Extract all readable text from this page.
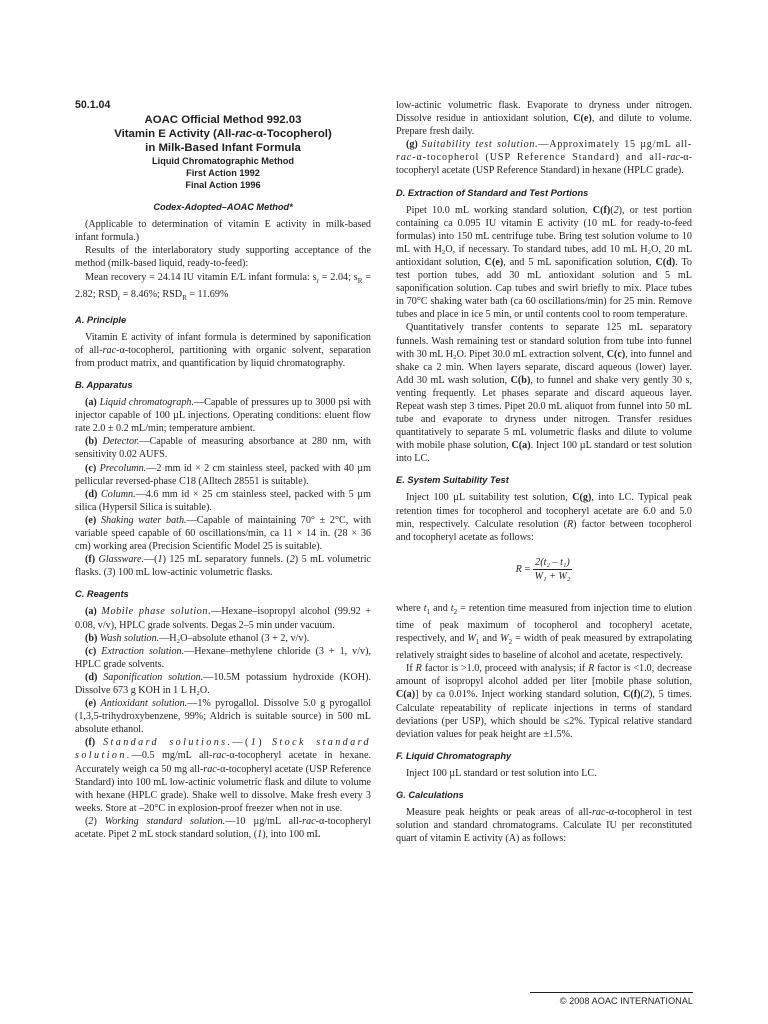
50.1.04
AOAC Official Method 992.03
Vitamin E Activity (All-rac-α-Tocopherol)
in Milk-Based Infant Formula
Liquid Chromatographic Method
First Action 1992
Final Action 1996
Codex-Adopted–AOAC Method*

(Applicable to determination of vitamin E activity in milk-based infant formula.)

Results of the interlaboratory study supporting acceptance of the method (milk-based liquid, ready-to-feed):

Mean recovery = 24.14 IU vitamin E/L infant formula: $s_r = 2.04$; $s_R = 2.82$; $RSD_r = 8.46\%$; $RSD_R = 11.69\%$

A. Principle

Vitamin E activity of infant formula is determined by saponification of all-rac-α-tocopherol, partitioning with organic solvent, separation from product matrix, and quantification by liquid chromatography.

B. Apparatus

(a) Liquid chromatograph.—Capable of pressures up to 3000 psi with injector capable of 100 µL injections. Operating conditions: eluent flow rate 2.0 ± 0.2 mL/min; temperature ambient.

(b) Detector.—Capable of measuring absorbance at 280 nm, with sensitivity 0.02 AUFS.

(c) Precolumn.—2 mm id × 2 cm stainless steel, packed with 40 µm pellicular reversed-phase C18 (Alltech 28551 is suitable).

(d) Column.—4.6 mm id × 25 cm stainless steel, packed with 5 µm silica (Hypersil Silica is suitable).

(e) Shaking water bath.—Capable of maintaining 70° ± 2°C, with variable speed capable of 60 oscillations/min, ca 11 × 14 in. (28 × 36 cm) working area (Precision Scientific Model 25 is suitable).

(f) Glassware.—(1) 125 mL separatory funnels. (2) 5 mL volumetric flasks. (3) 100 mL low-actinic volumetric flasks.

C. Reagents

(a) Mobile phase solution.—Hexane–isopropyl alcohol (99.92 + 0.08, v/v), HPLC grade solvents. Degas 2–5 min under vacuum.

(b) Wash solution.—H₂O–absolute ethanol (3 + 2, v/v).

(c) Extraction solution.—Hexane–methylene chloride (3 + 1, v/v), HPLC grade solvents.

(d) Saponification solution.—10.5M potassium hydroxide (KOH). Dissolve 673 g KOH in 1 L H₂O.

(e) Antioxidant solution.—1% pyrogallol. Dissolve 5.0 g pyrogallol (1,3,5-trihydroxybenzene, 99%; Aldrich is suitable source) in 500 mL absolute ethanol.

(f) Standard solutions.—(1) Stock standard solution.—0.5 mg/mL all-rac-α-tocopheryl acetate in hexane. Accurately weigh ca 50 mg all-rac-α-tocopheryl acetate (USP Reference Standard) into 100 mL low-actinic volumetric flask and dilute to volume with hexane (HPLC grade). Shake well to dissolve. Make fresh every 3 weeks. Store at –20°C in explosion-proof freezer when not in use.

(2) Working standard solution.—10 µg/mL all-rac-α-tocopheryl acetate. Pipet 2 mL stock standard solution, (1), into 100 mL

low-actinic volumetric flask. Evaporate to dryness under nitrogen. Dissolve residue in antioxidant solution, C(e), and dilute to volume. Prepare fresh daily.

(g) Suitability test solution.—Approximately 15 µg/mL all-rac-α-tocopherol (USP Reference Standard) and all-rac-α-tocopheryl acetate (USP Reference Standard) in hexane (HPLC grade).

D. Extraction of Standard and Test Portions

Pipet 10.0 mL working standard solution, C(f)(2), or test portion containing ca 0.095 IU vitamin E activity (10 mL for ready-to-feed formulas) into 150 mL centrifuge tube. Bring test solution volume to 10 mL with H₂O, if necessary. To standard tubes, add 10 mL H₂O, 20 mL antioxidant solution, C(e), and 5 mL saponification solution, C(d). To test portion tubes, add 30 mL antioxidant solution and 5 mL saponification solution. Cap tubes and swirl briefly to mix. Place tubes in 70°C shaking water bath (ca 60 oscillations/min) for 25 min. Remove tubes and place in ice 5 min, or until contents cool to room temperature.

Quantitatively transfer contents to separate 125 mL separatory funnels. Wash remaining test or standard solution from tube into funnel with 30 mL H₂O. Pipet 30.0 mL extraction solvent, C(c), into funnel and shake ca 2 min. When layers separate, discard aqueous (lower) layer. Add 30 mL wash solution, C(b), to funnel and shake very gently 30 s, venting frequently. Let phases separate and discard aqueous layer. Repeat wash step 3 times. Pipet 20.0 mL aliquot from funnel into 50 mL tube and evaporate to dryness under nitrogen. Transfer residues quantitatively to separate 5 mL volumetric flasks and dilute to volume with mobile phase solution, C(a). Inject 100 µL standard or test solution into LC.

E. System Suitability Test

Inject 100 µL suitability test solution, C(g), into LC. Typical peak retention times for tocopherol and tocopheryl acetate are 6.0 and 5.0 min, respectively. Calculate resolution (R) factor between tocopherol and tocopheryl acetate as follows:

$R = \frac{\text{2(t₂ – t₁)}}{\text{W₁ + W₂}}$

where $t_1$ and $t_2$ = retention time measured from injection time to elution time of peak maximum of tocopherol and tocopheryl acetate, respectively, and $W_1$ and $W_2$ = width of peak measured by extrapolating relatively straight sides to baseline of alcohol and acetate, respectively.

If R factor is >1.0, proceed with analysis; if R factor is <1.0, decrease amount of isopropyl alcohol added per liter [mobile phase solution, C(a)] by ca 0.01%. Inject working standard solution, C(f)(2), 5 times. Calculate repeatability of replicate injections in terms of standard deviations (per USP), which should be ≤2%. Typical relative standard deviation values for peak height are ±1.5%.

F. Liquid Chromatography

Inject 100 µL standard or test solution into LC.

G. Calculations

Measure peak heights or peak areas of all-rac-α-tocopherol in test solution and standard chromatograms. Calculate IU per reconstituted quart of vitamin E activity (A) as follows:

© 2008 AOAC INTERNATIONAL
